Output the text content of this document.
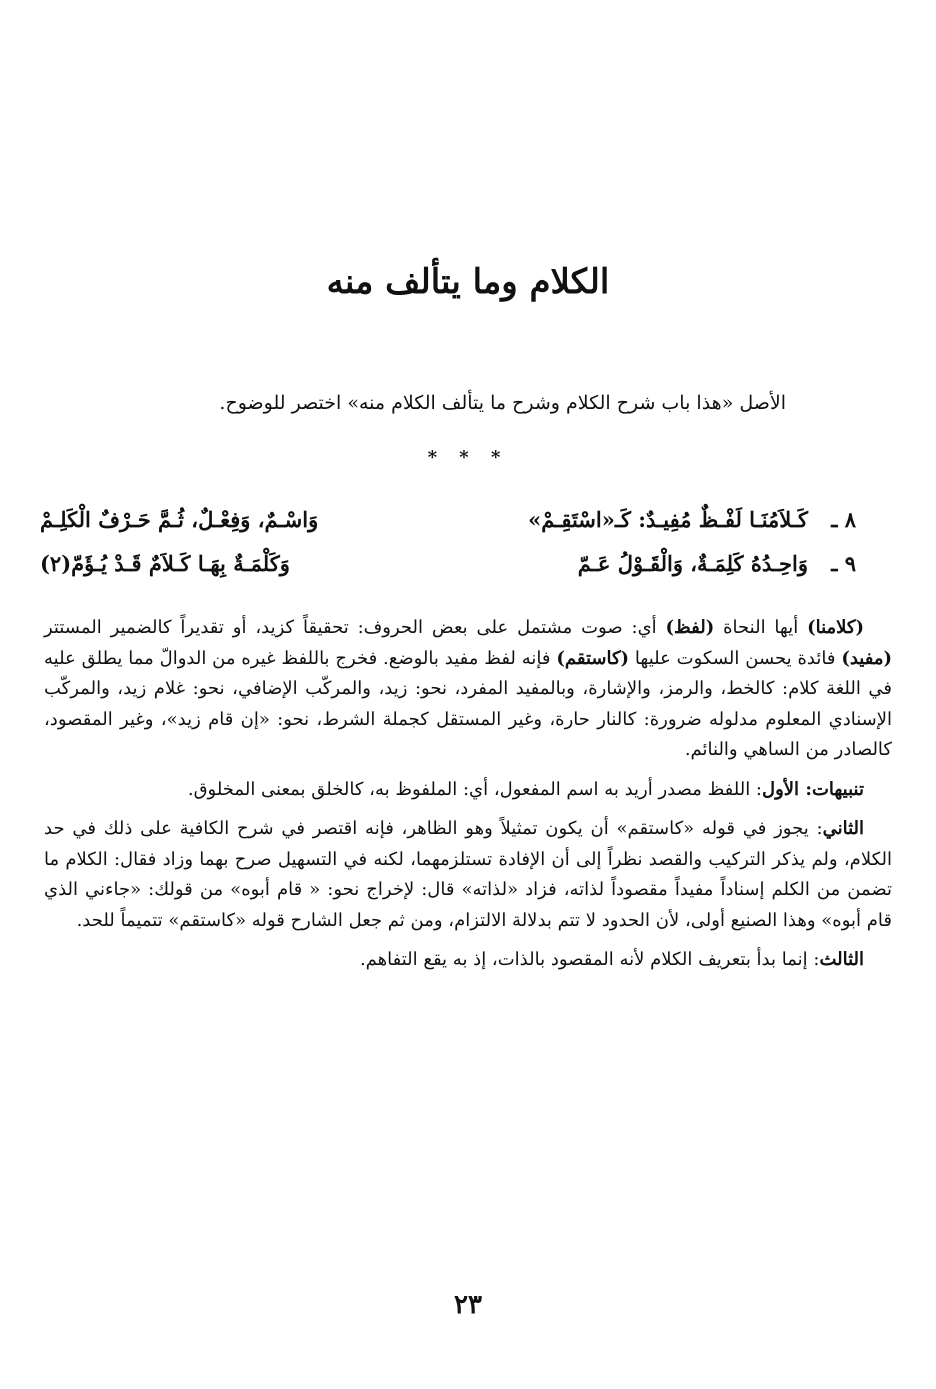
الكلام وما يتألف منه
الأصل «هذا باب شرح الكلام وشرح ما يتألف الكلام منه» اختصر للوضوح.
* * *
٨ ـ
كَـلاَمُنَـا لَفْـظٌ مُفِيـدٌ: كَـ«اسْتَقِـمْ»
وَاسْـمٌ، وَفِعْـلٌ، ثُـمَّ حَـرْفٌ الْكَلِـمْ
٩ ـ
وَاحِـدُهُ كَلِمَـةٌ، وَالْقَـوْلُ عَـمّ
وَكَلْمَـةٌ بِهَـا كَـلاَمٌ قَـدْ يُـؤَمّ(٢)

(كلامنا) أيها النحاة (لفظ) أي: صوت مشتمل على بعض الحروف: تحقيقاً كزيد، أو تقديراً كالضمير المستتر (مفيد) فائدة يحسن السكوت عليها (كاستقم) فإنه لفظ مفيد بالوضع. فخرج باللفظ غيره من الدوالّ مما يطلق عليه في اللغة كلام: كالخط، والرمز، والإشارة، وبالمفيد المفرد، نحو: زيد، والمركّب الإضافي، نحو: غلام زيد، والمركّب الإسنادي المعلوم مدلوله ضرورة: كالنار حارة، وغير المستقل كجملة الشرط، نحو: «إن قام زيد»، وغير المقصود، كالصادر من الساهي والنائم.

تنبيهات: الأول: اللفظ مصدر أريد به اسم المفعول، أي: الملفوظ به، كالخلق بمعنى المخلوق.

الثاني: يجوز في قوله «كاستقم» أن يكون تمثيلاً وهو الظاهر، فإنه اقتصر في شرح الكافية على ذلك في حد الكلام، ولم يذكر التركيب والقصد نظراً إلى أن الإفادة تستلزمهما، لكنه في التسهيل صرح بهما وزاد فقال: الكلام ما تضمن من الكلم إسناداً مفيداً مقصوداً لذاته، فزاد «لذاته» قال: لإخراج نحو: « قام أبوه» من قولك: «جاءني الذي قام أبوه» وهذا الصنيع أولى، لأن الحدود لا تتم بدلالة الالتزام، ومن ثم جعل الشارح قوله «كاستقم» تتميماً للحد.

الثالث: إنما بدأ بتعريف الكلام لأنه المقصود بالذات، إذ به يقع التفاهم.

٢٣
